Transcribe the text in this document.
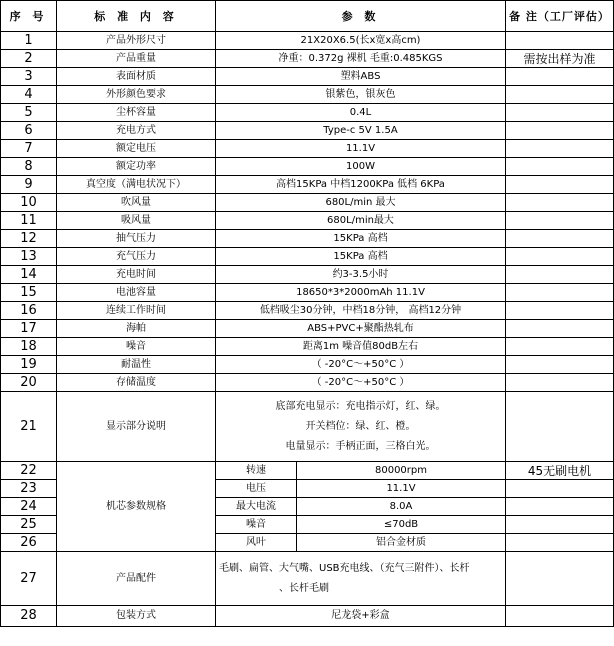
序 号	标 准 内 容	参 数		备 注（工厂评估）
1	产品外形尺寸	21X20X6.5(长x宽x高cm)		
2	产品重量	净重：0.372g 裸机 毛重:0.485KGS		需按出样为准
3	表面材质	塑料ABS		
4	外形颜色要求	银紫色，银灰色		
5	尘杯容量	0.4L		
6	充电方式	Type-c 5V 1.5A		
7	额定电压	11.1V		
8	额定功率	100W		
9	真空度（满电状况下）	高档15KPa 中档1200KPa 低档 6KPa		
10	吹风量	680L/min 最大		
11	吸风量	680L/min最大		
12	抽气压力	15KPa 高档		
13	充气压力	15KPa 高档		
14	充电时间	约3-3.5小时		
15	电池容量	18650*3*2000mAh 11.1V		
16	连续工作时间	低档吸尘30分钟，中档18分钟， 高档12分钟		
17	海帕	ABS+PVC+聚酯热轧布		
18	噪音	距离1m 噪音值80dB左右		
19	耐温性	（ -20°C～+50°C ）		
20	存储温度	（ -20°C～+50°C ）		
21	显示部分说明	底部充电显示：充电指示灯，红、绿。
开关档位：绿、红、橙。
电量显示：手柄正面，三格白光。		

22	机芯参数规格	转速	80000rpm	45无刷电机
23		电压	11.1V	
24		最大电流	8.0A	
25		噪音	≤70dB	
26		风叶	铝合金材质	
27	产品配件	毛刷、扁管、大气嘴、USB充电线、（充气三附件）、长杆
、长杆毛刷		

28	包装方式	尼龙袋+彩盒		
